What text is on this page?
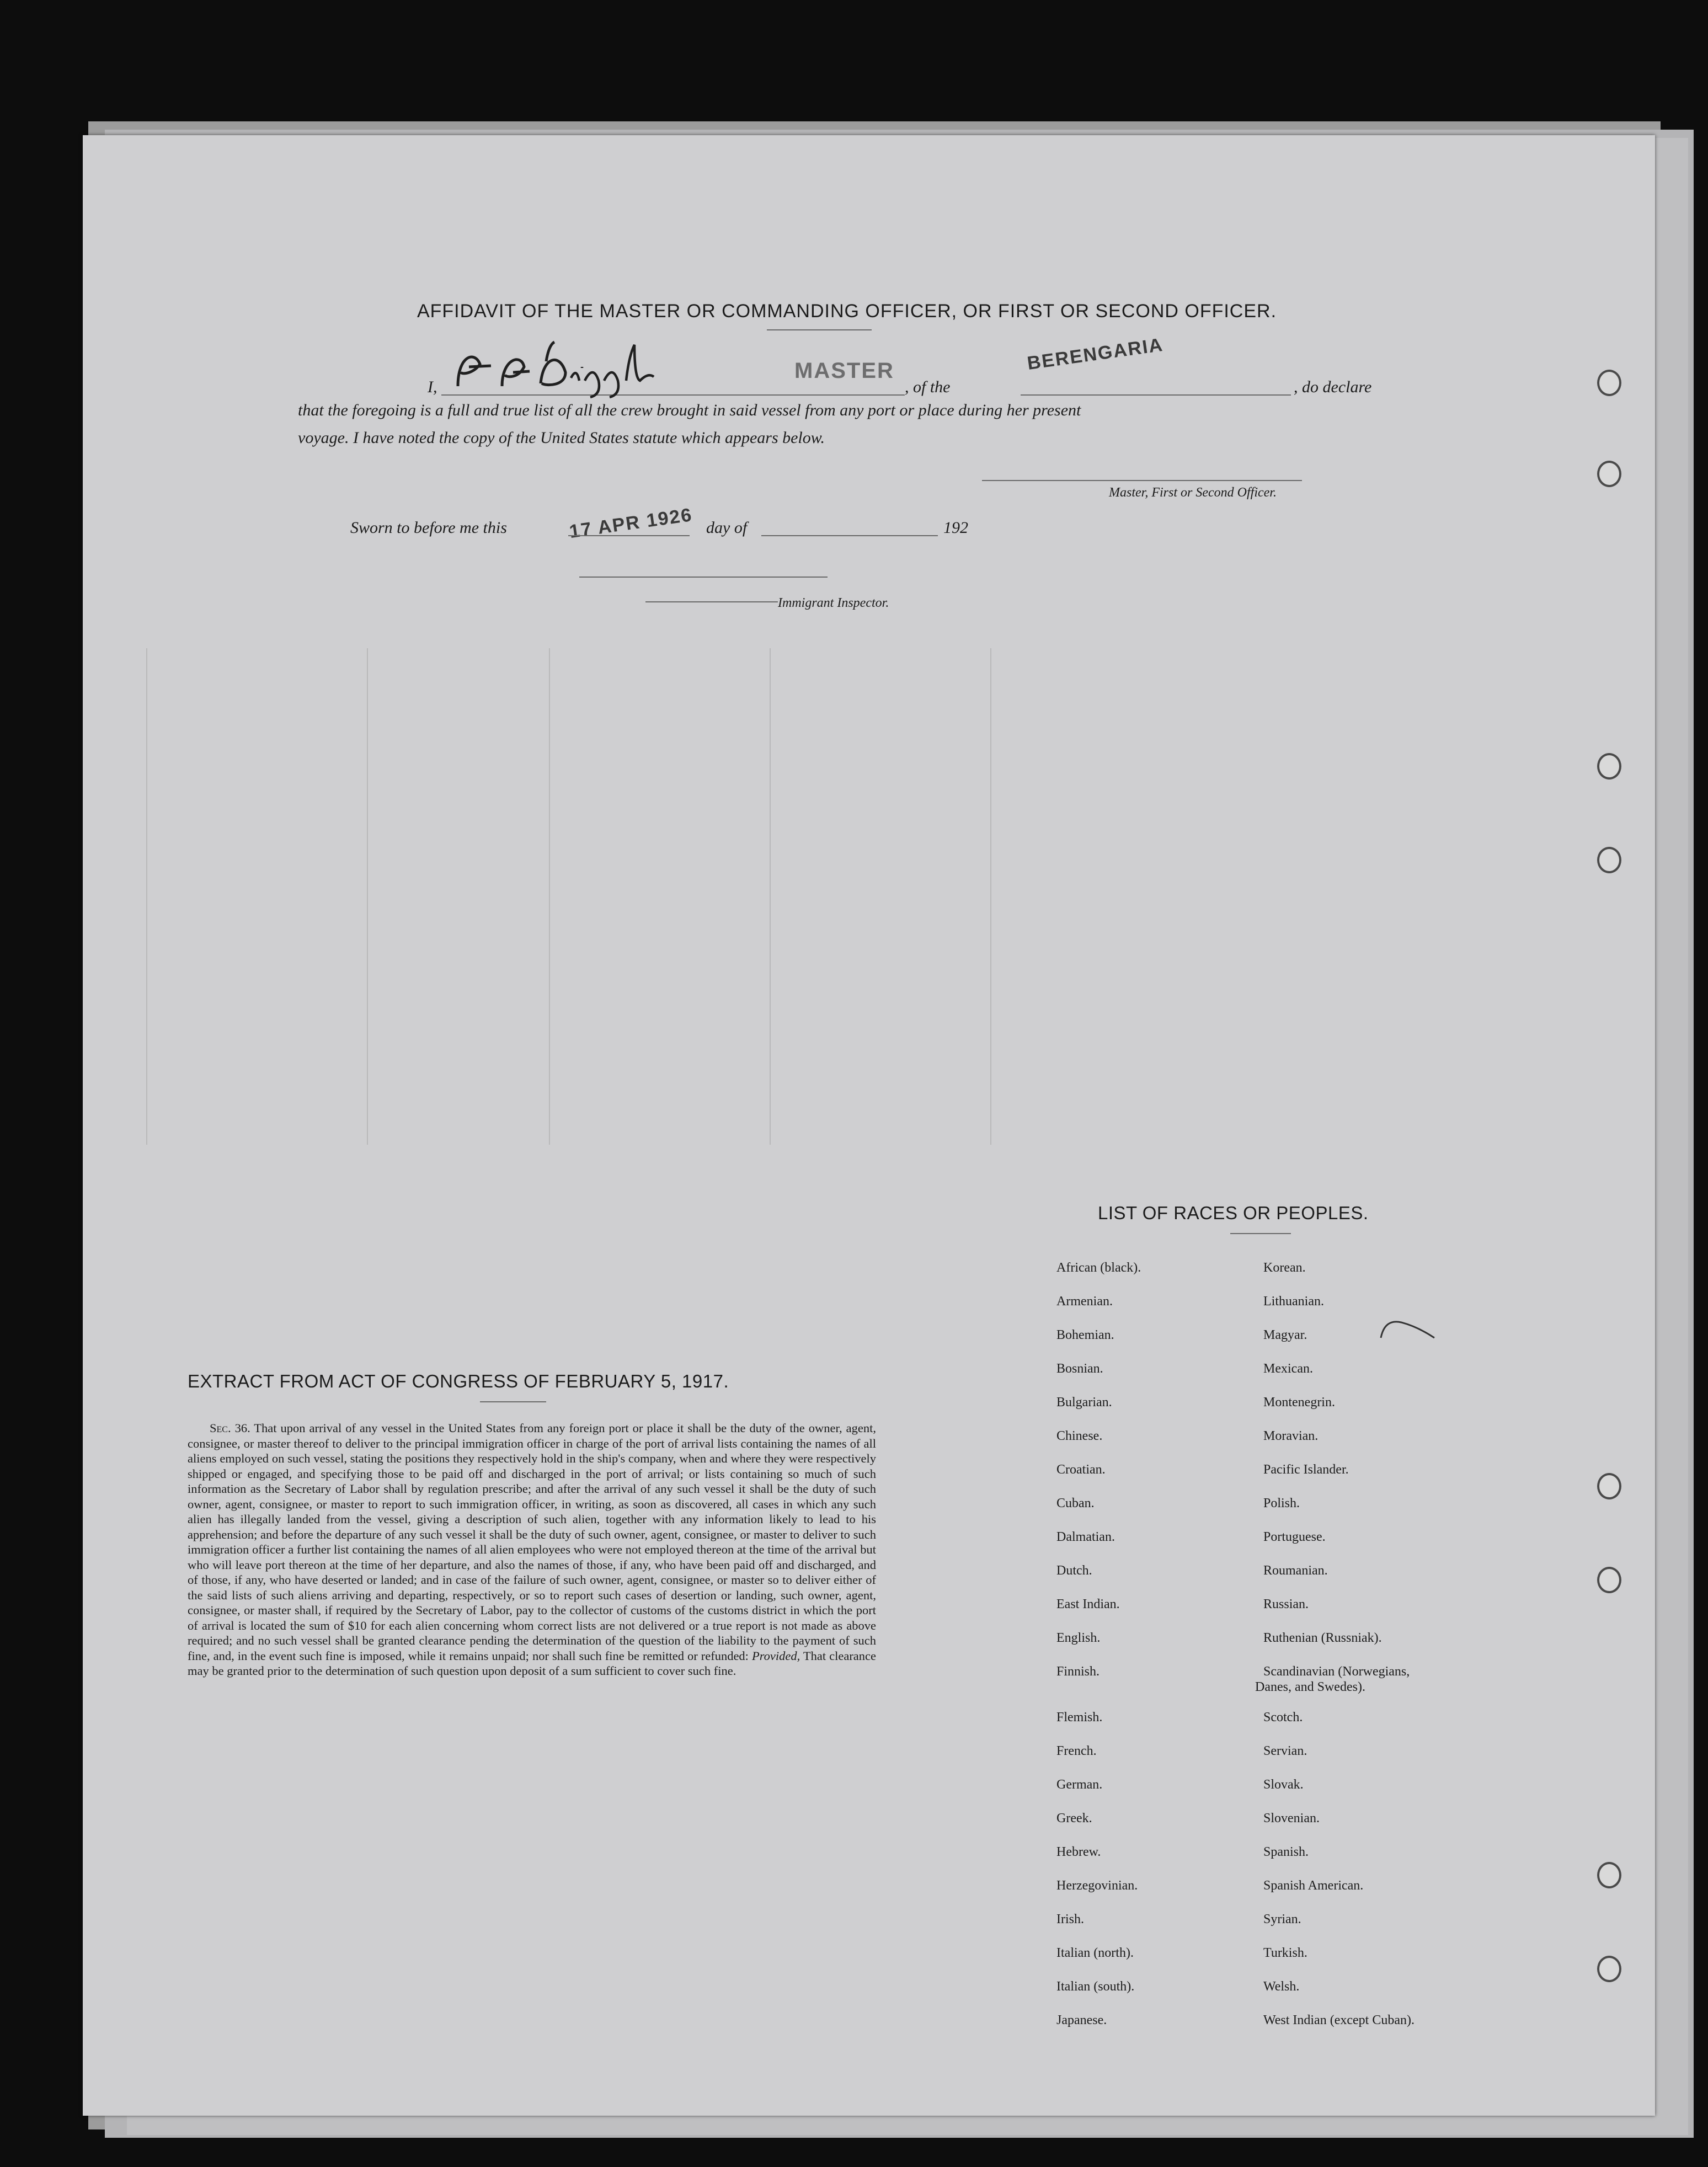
AFFIDAVIT OF THE MASTER OR COMMANDING OFFICER, OR FIRST OR SECOND OFFICER.
I,
MASTER
, of the
BERENGARIA
, do declare
that the foregoing is a full and true list of all the crew brought in said vessel from any port or place during her present
voyage. I have noted the copy of the United States statute which appears below.
Master, First or Second Officer.
Sworn to before me this	17 APR 1926 day of	192
Immigrant Inspector.
EXTRACT FROM ACT OF CONGRESS OF FEBRUARY 5, 1917.
Sec. 36. That upon arrival of any vessel in the United States from any foreign port or place it shall be the duty of the owner, agent, consignee, or master thereof to deliver to the principal immigration officer in charge of the port of arrival lists containing the names of all aliens employed on such vessel, stating the positions they respectively hold in the ship's company, when and where they were respectively shipped or engaged, and specifying those to be paid off and discharged in the port of arrival; or lists containing so much of such information as the Secretary of Labor shall by regulation prescribe; and after the arrival of any such vessel it shall be the duty of such owner, agent, consignee, or master to report to such immigration officer, in writing, as soon as discovered, all cases in which any such alien has illegally landed from the vessel, giving a description of such alien, together with any information likely to lead to his apprehension; and before the departure of any such vessel it shall be the duty of such owner, agent, consignee, or master to deliver to such immigration officer a further list containing the names of all alien employees who were not employed thereon at the time of the arrival but who will leave port thereon at the time of her departure, and also the names of those, if any, who have been paid off and discharged, and of those, if any, who have deserted or landed; and in case of the failure of such owner, agent, consignee, or master so to deliver either of the said lists of such aliens arriving and departing, respectively, or so to report such cases of desertion or landing, such owner, agent, consignee, or master shall, if required by the Secretary of Labor, pay to the collector of customs of the customs district in which the port of arrival is located the sum of $10 for each alien concerning whom correct lists are not delivered or a true report is not made as above required; and no such vessel shall be granted clearance pending the determination of the question of the liability to the payment of such fine, and, in the event such fine is imposed, while it remains unpaid; nor shall such fine be remitted or refunded: Provided, That clearance may be granted prior to the determination of such question upon deposit of a sum sufficient to cover such fine.
LIST OF RACES OR PEOPLES.
Danes, and Swedes).
African (black).
Armenian.
Bohemian.
Bosnian.
Bulgarian.
Chinese.
Croatian.
Cuban.
Dalmatian.
Dutch.
East Indian.
English.
Finnish.
Flemish.
French.
German.
Greek.
Hebrew.
Herzegovinian.
Irish.
Italian (north).
Italian (south).
Japanese.
Korean.
Lithuanian.
Magyar.
Mexican.
Montenegrin.
Moravian.
Pacific Islander.
Polish.
Portuguese.
Roumanian.
Russian.
Ruthenian (Russniak).
Scandinavian (Norwegians,
Scotch.
Servian.
Slovak.
Slovenian.
Spanish.
Spanish American.
Syrian.
Turkish.
Welsh.
West Indian (except Cuban).
